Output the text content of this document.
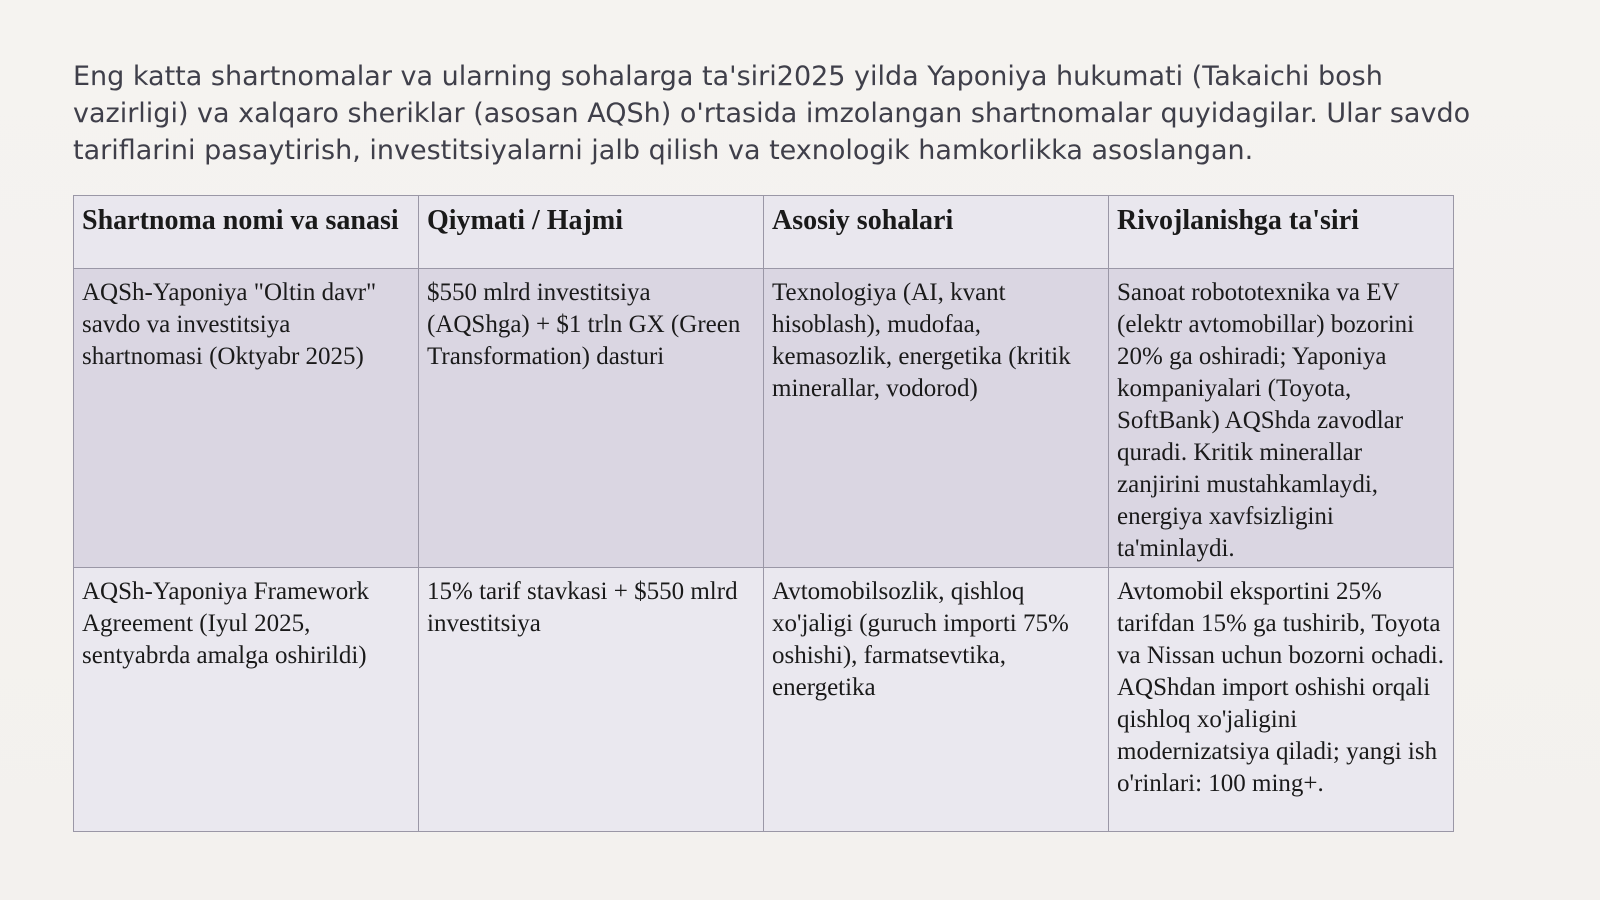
Eng katta shartnomalar va ularning sohalarga ta'siri2025 yilda Yaponiya hukumati (Takaichi bosh vazirligi) va xalqaro sheriklar (asosan AQSh) o'rtasida imzolangan shartnomalar quyidagilar. Ular savdo tariflarini pasaytirish, investitsiyalarni jalb qilish va texnologik hamkorlikka asoslangan.

Shartnoma nomi va sanasi	Qiymati / Hajmi	Asosiy sohalari	Rivojlanishga ta'siri
AQSh-Yaponiya "Oltin davr" savdo va investitsiya shartnomasi (Oktyabr 2025)	$550 mlrd investitsiya (AQShga) + $1 trln GX (Green Transformation) dasturi	Texnologiya (AI, kvant hisoblash), mudofaa, kemasozlik, energetika (kritik minerallar, vodorod)	Sanoat robototexnika va EV (elektr avtomobillar) bozorini 20% ga oshiradi; Yaponiya kompaniyalari (Toyota, SoftBank) AQShda zavodlar quradi. Kritik minerallar zanjirini mustahkamlaydi, energiya xavfsizligini ta'minlaydi.
AQSh-Yaponiya Framework Agreement (Iyul 2025, sentyabrda amalga oshirildi)	15% tarif stavkasi + $550 mlrd investitsiya	Avtomobilsozlik, qishloq xo'jaligi (guruch importi 75% oshishi), farmatsevtika, energetika	Avtomobil eksportini 25% tarifdan 15% ga tushirib, Toyota va Nissan uchun bozorni ochadi. AQShdan import oshishi orqali qishloq xo'jaligini modernizatsiya qiladi; yangi ish o'rinlari: 100 ming+.
